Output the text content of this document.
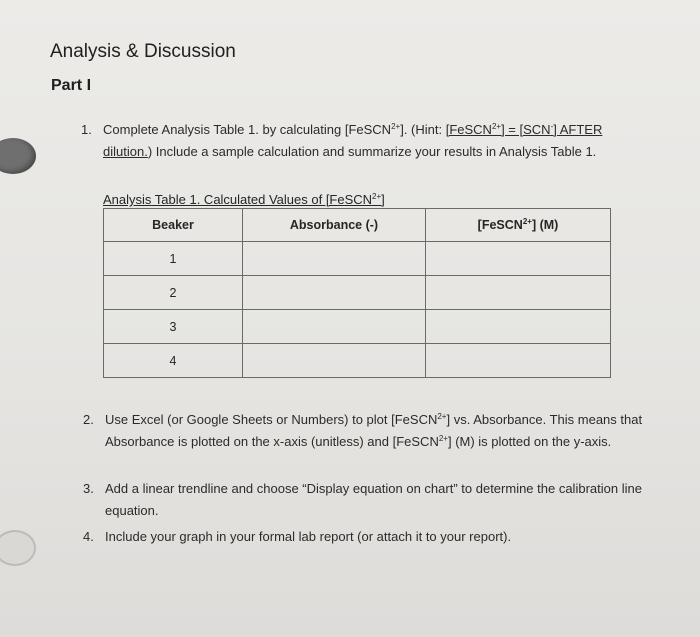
Analysis & Discussion
Part I
1. Complete Analysis Table 1. by calculating [FeSCN$^{2+}$]. (Hint: [FeSCN$^{2+}$] = [SCN-] AFTER
dilution.) Include a sample calculation and summarize your results in Analysis Table 1.
Analysis Table 1. Calculated Values of [FeSCN$^{2+}$]
Beaker	Absorbance (-)	[FeSCN$^{2+}$] (M)
1		
2		
3		
4		
2. Use Excel (or Google Sheets or Numbers) to plot [FeSCN$^{2+}$] vs. Absorbance. This means that Absorbance is plotted on the x-axis (unitless) and [FeSCN$^{2+}$] (M) is plotted on the y-axis.
3. Add a linear trendline and choose “Display equation on chart” to determine the calibration line equation.
4. Include your graph in your formal lab report (or attach it to your report).
